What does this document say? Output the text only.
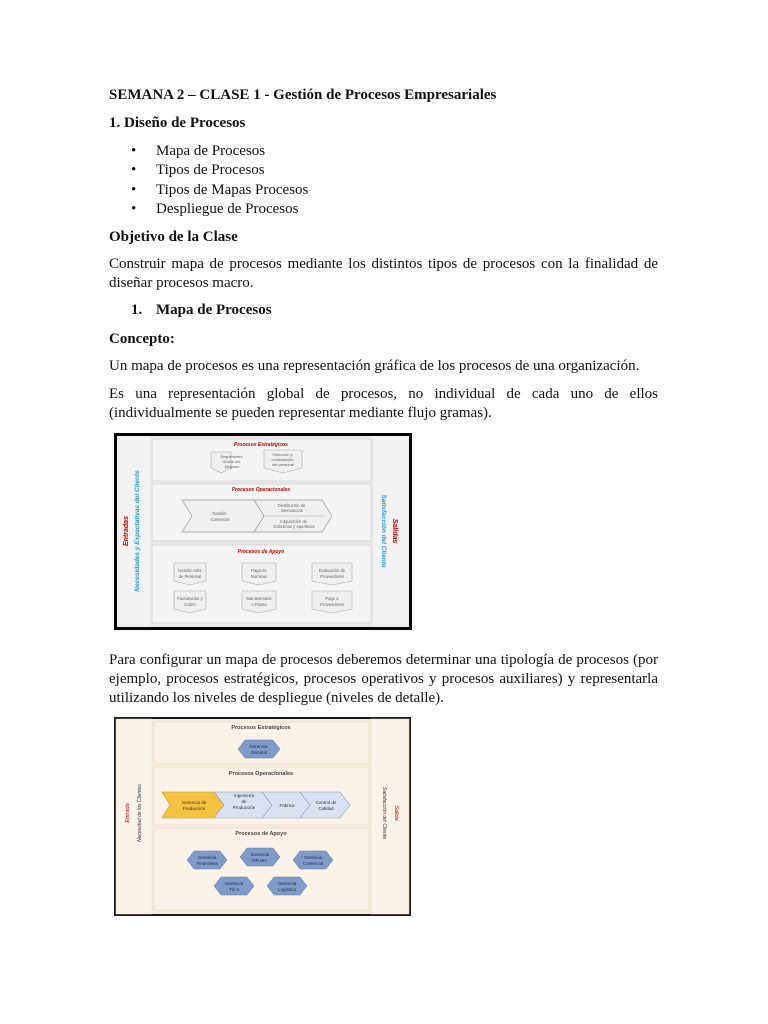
SEMANA 2 – CLASE 1 - Gestión de Procesos Empresariales
1. Diseño de Procesos
• Mapa de Procesos
• Tipos de Procesos
• Tipos de Mapas Procesos
• Despliegue de Procesos
Objetivo de la Clase
Construir mapa de procesos mediante los distintos tipos de procesos con la finalidad de diseñar procesos macro.
1. Mapa de Procesos
Concepto:
Un mapa de procesos es una representación gráfica de los procesos de una organización.
Es una representación global de procesos, no individual de cada uno de ellos (individualmente se pueden representar mediante flujo gramas).
Procesos Estratégicos
Seguimiento Global del Negocio
Selección y contratación del personal
Procesos Operacionales
Gestión Comercial
Distribución de Mercancías
Adquisición de Golosinas y Aperitivos
Procesos de Apoyo
Gestión Adm de Personal
Pago de Nominas
Evaluación de Proveedores
Facturación y Cobro
Mantenimient o Planta
Pago a Proveedores
Entradas Necesidades y Expectativas del Cliente	Salidas
Satisfacción del Cliente
Para configurar un mapa de procesos deberemos determinar una tipología de procesos (por ejemplo, procesos estratégicos, procesos operativos y procesos auxiliares) y representarla utilizando los niveles de despliegue (niveles de detalle).
Procesos Estratégicos
Gerencia General
Procesos Operacionales
Gerencia de Producción
Ingeniería de Producción	Fabrica
Control de Calidad
Procesos de Apoyo
Gerencia Financiera
Gerencia RR.HH.
Gerencia Comercial
Gerencia Tic´s
Gerencia Logística
Entrada Necesidad de los Clientes	Salida
Satisfacción del Cliente
